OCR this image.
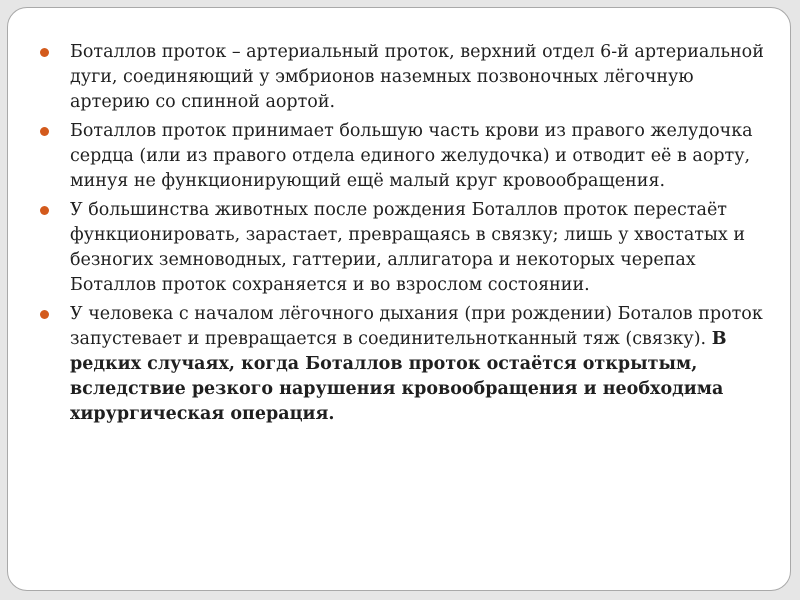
Боталлов проток – артериальный проток, верхний отдел 6-й артериальной дуги, соединяющий у эмбрионов наземных позвоночных лёгочную артерию со спинной аортой.
Боталлов проток принимает большую часть крови из правого желудочка сердца (или из правого отдела единого желудочка) и отводит её в аорту, минуя не функционирующий ещё малый круг кровообращения.
У большинства животных после рождения Боталлов проток перестаёт функционировать, зарастает, превращаясь в связку; лишь у хвостатых и безногих земноводных, гаттерии, аллигатора и некоторых черепах Боталлов проток сохраняется и во взрослом состоянии.
У человека с началом лёгочного дыхания (при рождении) Боталов проток запустевает и превращается в соединительнотканный тяж (связку). В редких случаях, когда Боталлов проток остаётся открытым, вследствие резкого нарушения кровообращения и необходима хирургическая операция.
